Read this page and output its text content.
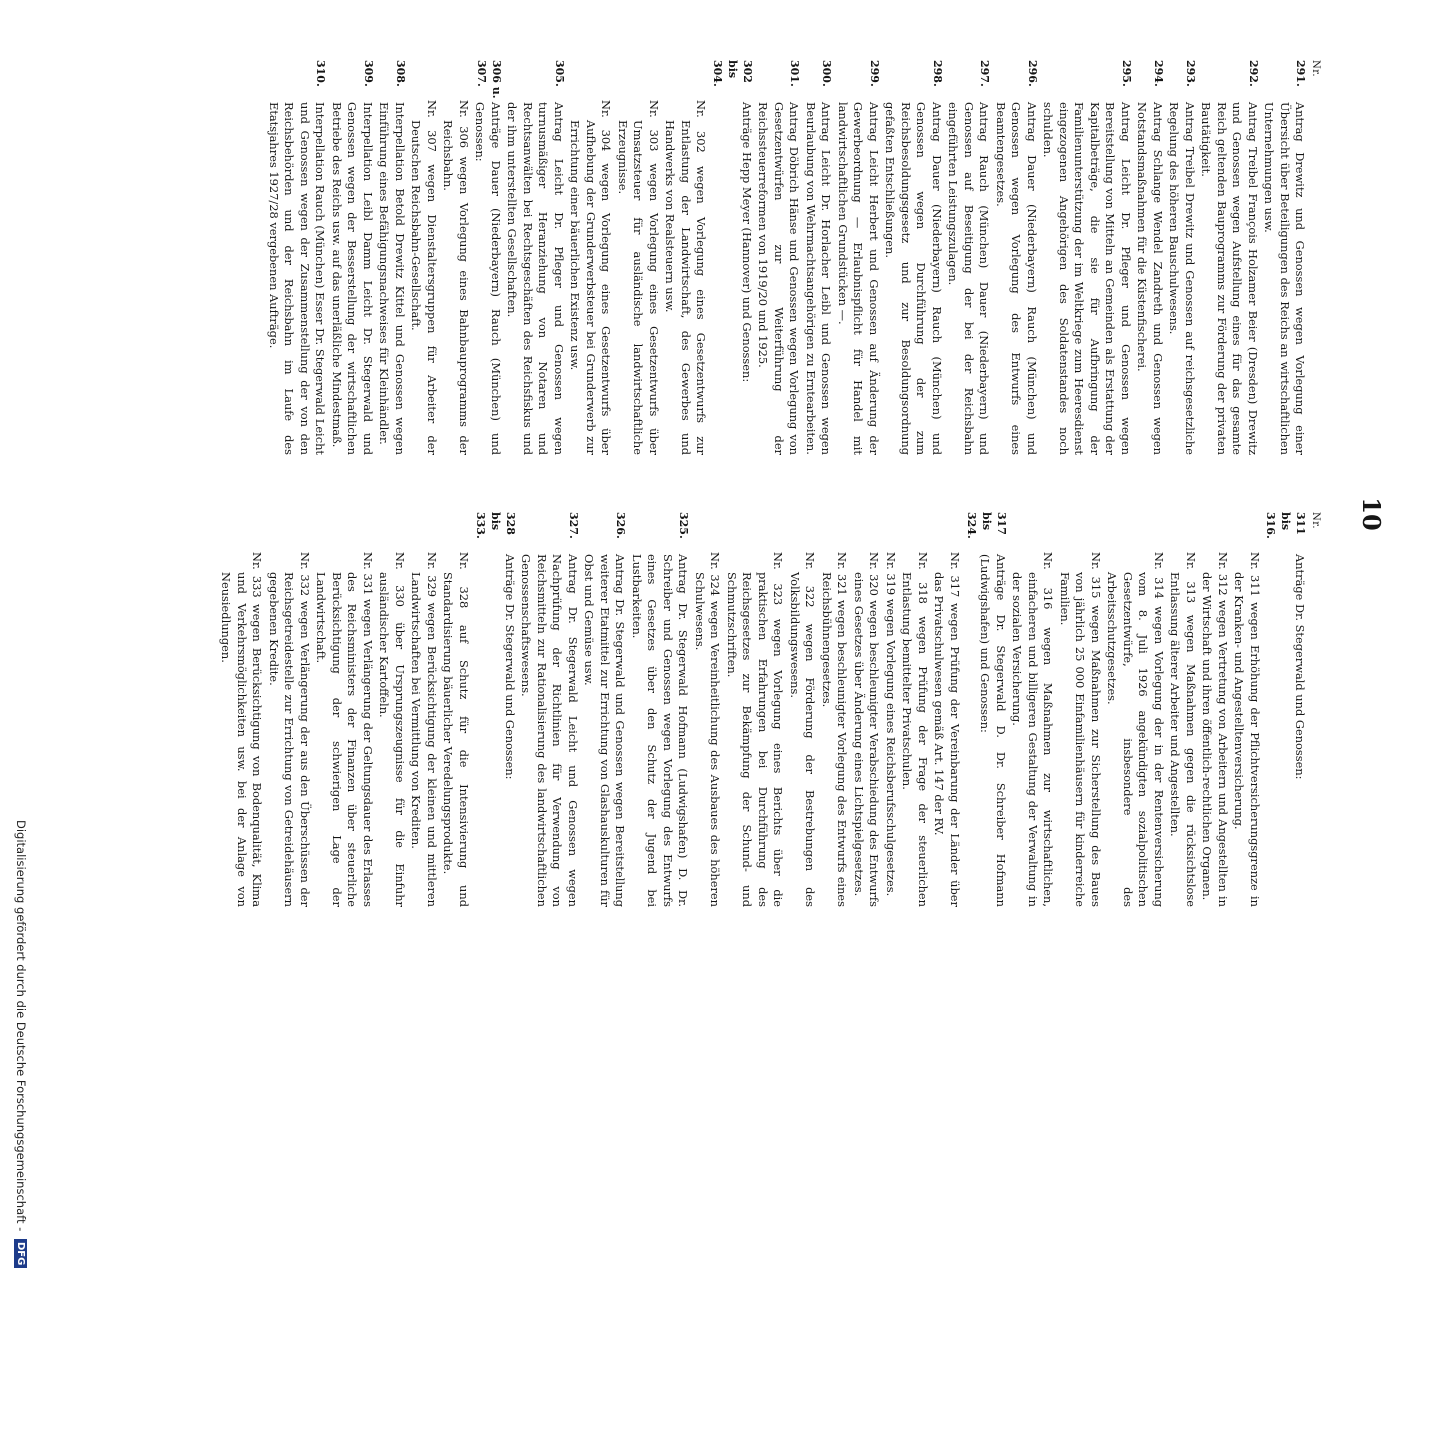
10
Nr.
291.
Antrag Drewitz und Genossen wegen Vorlegung einer Übersicht über Beteiligungen des Reichs an wirtschaftlichen Unternehmungen usw.
292.
Antrag Treibel François Holzamer Beier (Dresden) Drewitz und Genossen wegen Aufstellung eines für das gesamte Reich geltenden Bauprogramms zur Förderung der privaten Bautätigkeit.
293.
Antrag Treibel Drewitz und Genossen auf reichsgesetzliche Regelung des höheren Bauschulwesens.
294.
Antrag Schlange Wendel Zandreth und Genossen wegen Notstandsmaßnahmen für die Küstenfischerei.
295.
Antrag Leicht Dr. Pfleger und Genossen wegen Bereitstellung von Mitteln an Gemeinden als Erstattung der Kapitalbeträge, die sie für Aufbringung der Familienunterstützung der im Weltkriege zum Heeresdienst eingezogenen Angehörigen des Soldatenstandes noch schulden.
296.
Antrag Dauer (Niederbayern) Rauch (München) und Genossen wegen Vorlegung des Entwurfs eines Beamtengesetzes.
297.
Antrag Rauch (München) Dauer (Niederbayern) und Genossen auf Beseitigung der bei der Reichsbahn eingeführten Leistungszulagen.
298.
Antrag Dauer (Niederbayern) Rauch (München) und Genossen wegen Durchführung der zum Reichsbesoldungsgesetz und zur Besoldungsordnung gefaßten Entschließungen.
299.
Antrag Leicht Herbert und Genossen auf Änderung der Gewerbeordnung — Erlaubnispflicht für Handel mit landwirtschaftlichen Grundstücken —.
300.
Antrag Leicht Dr. Horlacher Leibl und Genossen wegen Beurlaubung von Wehrmachtsangehörigen zu Erntearbeiten.
301.
Antrag Döbrich Hänse und Genossen wegen Vorlegung von Gesetzentwürfen zur Weiterführung der Reichssteuerreformen von 1919/20 und 1925.
302 bis 304.
Anträge Hepp Meyer (Hannover) und Genossen:
Nr. 302 wegen Vorlegung eines Gesetzentwurfs zur Entlastung der Landwirtschaft, des Gewerbes und Handwerks von Realsteuern usw.
Nr. 303 wegen Vorlegung eines Gesetzentwurfs über Umsatzsteuer für ausländische landwirtschaftliche Erzeugnisse.
Nr. 304 wegen Vorlegung eines Gesetzentwurfs über Aufhebung der Grunderwerbsteuer bei Grunderwerb zur Errichtung einer bäuerlichen Existenz usw.
305.
Antrag Leicht Dr. Pfleger und Genossen wegen turnusmäßiger Heranziehung von Notaren und Rechtsanwälten bei Rechtsgeschäften des Reichsfiskus und der ihm unterstellten Gesellschaften.
306 u. 307.
Anträge Dauer (Niederbayern) Rauch (München) und Genossen:
Nr. 306 wegen Vorlegung eines Bahnbauprogramms der Reichsbahn.
Nr. 307 wegen Dienstaltersgruppen für Arbeiter der Deutschen Reichsbahn-Gesellschaft.
308.
Interpellation Betold Drewitz Kittel und Genossen wegen Einführung eines Befähigungsnachweises für Kleinhändler.
309.
Interpellation Leibl Damm Leicht Dr. Stegerwald und Genossen wegen der Besserstellung der wirtschaftlichen Betriebe des Reichs usw. auf das unerläßliche Mindestmaß.
310.
Interpellation Rauch (München) Esser Dr. Stegerwald Leicht und Genossen wegen der Zusammenstellung der von den Reichsbehörden und der Reichsbahn im Laufe des Etatsjahres 1927/28 vergebenen Aufträge.
Nr.
311 bis 316.
Anträge Dr. Stegerwald und Genossen:
Nr. 311 wegen Erhöhung der Pflichtversicherungsgrenze in der Kranken- und Angestelltenversicherung.
Nr. 312 wegen Vertretung von Arbeitern und Angestellten in der Wirtschaft und ihren öffentlich-rechtlichen Organen.
Nr. 313 wegen Maßnahmen gegen die rücksichtslose Entlassung älterer Arbeiter und Angestellten.
Nr. 314 wegen Vorlegung der in der Rentenversicherung vom 8. Juli 1926 angekündigten sozialpolitischen Gesetzentwürfe, insbesondere des Arbeitsschutzgesetzes.
Nr. 315 wegen Maßnahmen zur Sicherstellung des Baues von jährlich 25 000 Einfamilienhäusern für kinderreiche Familien.
Nr. 316 wegen Maßnahmen zur wirtschaftlichen, einfacheren und billigeren Gestaltung der Verwaltung in der sozialen Versicherung.
317 bis 324.
Anträge Dr. Stegerwald D. Dr. Schreiber Hofmann (Ludwigshafen) und Genossen:
Nr. 317 wegen Prüfung der Vereinbarung der Länder über das Privatschulwesen gemäß Art. 147 der RV.
Nr. 318 wegen Prüfung der Frage der steuerlichen Entlastung bemittelter Privatschulen.
Nr. 319 wegen Vorlegung eines Reichsberufsschulgesetzes.
Nr. 320 wegen beschleunigter Verabschiedung des Entwurfs eines Gesetzes über Änderung eines Lichtspielgesetzes.
Nr. 321 wegen beschleunigter Vorlegung des Entwurfs eines Reichsbühnengesetzes.
Nr. 322 wegen Förderung der Bestrebungen des Volksbildungswesens.
Nr. 323 wegen Vorlegung eines Berichts über die praktischen Erfahrungen bei Durchführung des Reichsgesetzes zur Bekämpfung der Schund- und Schmutzschriften.
Nr. 324 wegen Vereinheitlichung des Ausbaues des höheren Schulwesens.
325.
Antrag Dr. Stegerwald Hofmann (Ludwigshafen) D. Dr. Schreiber und Genossen wegen Vorlegung des Entwurfs eines Gesetzes über den Schutz der Jugend bei Lustbarkeiten.
326.
Antrag Dr. Stegerwald und Genossen wegen Bereitstellung weiterer Etatmittel zur Errichtung von Glashauskulturen für Obst und Gemüse usw.
327.
Antrag Dr. Stegerwald Leicht und Genossen wegen Nachprüfung der Richtlinien für Verwendung von Reichsmitteln zur Rationalisierung des landwirtschaftlichen Genossenschaftswesens.
328 bis 333.
Anträge Dr. Stegerwald und Genossen:
Nr. 328 auf Schutz für die Intensivierung und Standardisierung bäuerlicher Veredelungsprodukte.
Nr. 329 wegen Berücksichtigung der kleinen und mittleren Landwirtschaften bei Vermittlung von Krediten.
Nr. 330 über Ursprungszeugnisse für die Einfuhr ausländischer Kartoffeln.
Nr. 331 wegen Verlängerung der Geltungsdauer des Erlasses des Reichsministers der Finanzen über steuerliche Berücksichtigung der schwierigen Lage der Landwirtschaft.
Nr. 332 wegen Verlängerung der aus den Überschüssen der Reichsgetreidestelle zur Errichtung von Getreidehäusern gegebenen Kredite.
Nr. 333 wegen Berücksichtigung von Bodenqualität, Klima und Verkehrsmöglichkeiten usw. bei der Anlage von Neusiedlungen.
Digitalisierung gefördert durch die Deutsche Forschungsgemeinschaft - DFG
